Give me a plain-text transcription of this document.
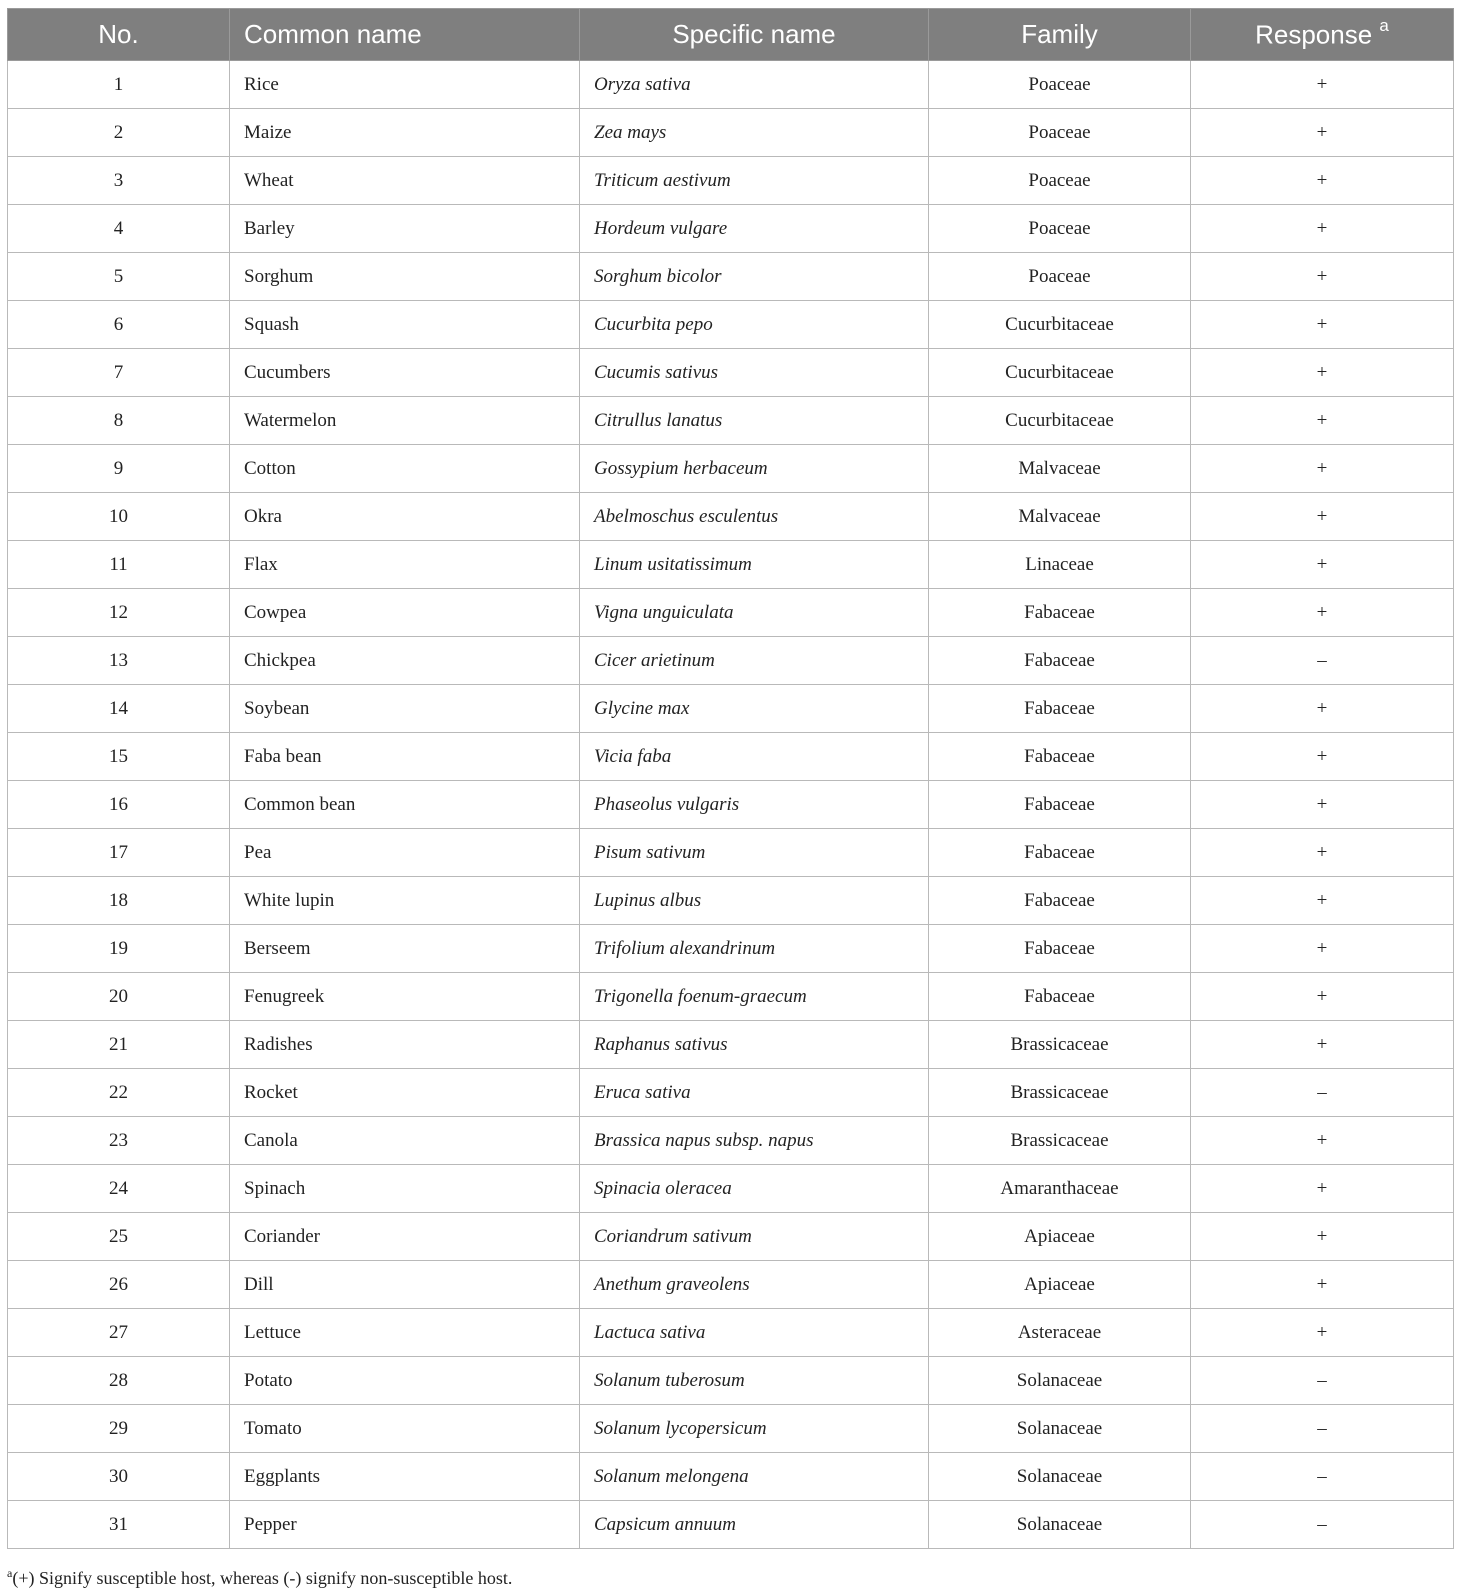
No.	Common name	Specific name	Family	Response $^a$
1	Rice	Oryza sativa	Poaceae	+
2	Maize	Zea mays	Poaceae	+
3	Wheat	Triticum aestivum	Poaceae	+
4	Barley	Hordeum vulgare	Poaceae	+
5	Sorghum	Sorghum bicolor	Poaceae	+
6	Squash	Cucurbita pepo	Cucurbitaceae	+
7	Cucumbers	Cucumis sativus	Cucurbitaceae	+
8	Watermelon	Citrullus lanatus	Cucurbitaceae	+
9	Cotton	Gossypium herbaceum	Malvaceae	+
10	Okra	Abelmoschus esculentus	Malvaceae	+
11	Flax	Linum usitatissimum	Linaceae	+
12	Cowpea	Vigna unguiculata	Fabaceae	+
13	Chickpea	Cicer arietinum	Fabaceae	–
14	Soybean	Glycine max	Fabaceae	+
15	Faba bean	Vicia faba	Fabaceae	+
16	Common bean	Phaseolus vulgaris	Fabaceae	+
17	Pea	Pisum sativum	Fabaceae	+
18	White lupin	Lupinus albus	Fabaceae	+
19	Berseem	Trifolium alexandrinum	Fabaceae	+
20	Fenugreek	Trigonella foenum-graecum	Fabaceae	+
21	Radishes	Raphanus sativus	Brassicaceae	+
22	Rocket	Eruca sativa	Brassicaceae	–
23	Canola	Brassica napus subsp. napus	Brassicaceae	+
24	Spinach	Spinacia oleracea	Amaranthaceae	+
25	Coriander	Coriandrum sativum	Apiaceae	+
26	Dill	Anethum graveolens	Apiaceae	+
27	Lettuce	Lactuca sativa	Asteraceae	+
28	Potato	Solanum tuberosum	Solanaceae	–
29	Tomato	Solanum lycopersicum	Solanaceae	–
30	Eggplants	Solanum melongena	Solanaceae	–
31	Pepper	Capsicum annuum	Solanaceae	–
$^a$(+) Signify susceptible host, whereas (-) signify non-susceptible host.
